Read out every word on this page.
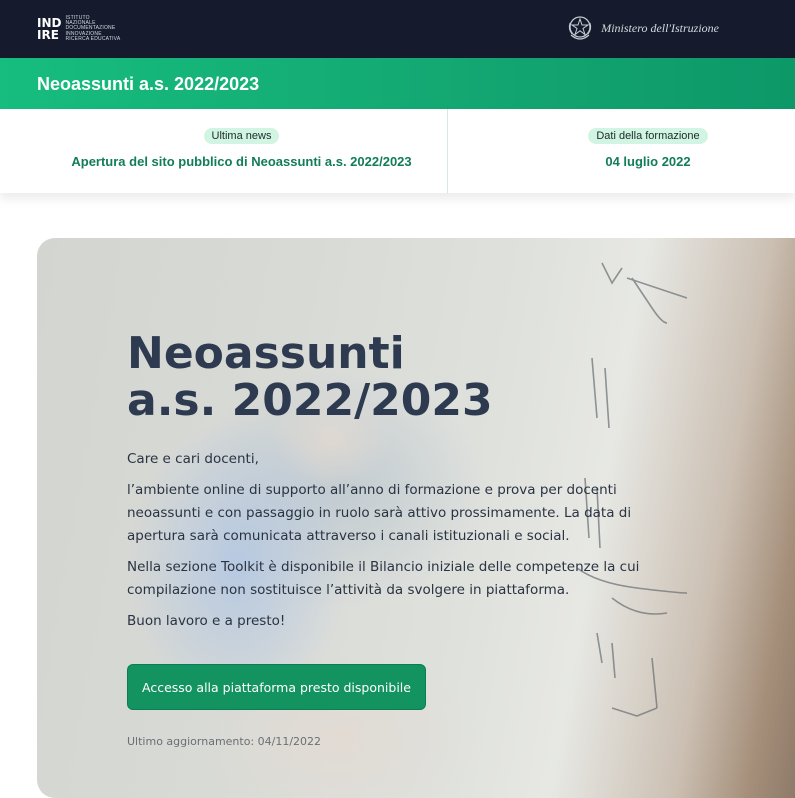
IND
IRE
ISTITUTO
NAZIONALE
DOCUMENTAZIONE
INNOVAZIONE
RICERCA EDUCATIVA
Ministero dell'Istruzione
Neoassunti a.s. 2022/2023
Ultima news
Apertura del sito pubblico di Neoassunti a.s. 2022/2023
Dati della formazione
04 luglio 2022
Neoassunti
a.s. 2022/2023

Care e cari docenti,

l’ambiente online di supporto all’anno di formazione e prova per docenti neoassunti e con passaggio in ruolo sarà attivo prossimamente. La data di apertura sarà comunicata attraverso i canali istituzionali e social.

Nella sezione Toolkit è disponibile il Bilancio iniziale delle competenze la cui compilazione non sostituisce l’attività da svolgere in piattaforma.

Buon lavoro e a presto!

Accesso alla piattaforma presto disponibile
Ultimo aggiornamento: 04/11/2022
